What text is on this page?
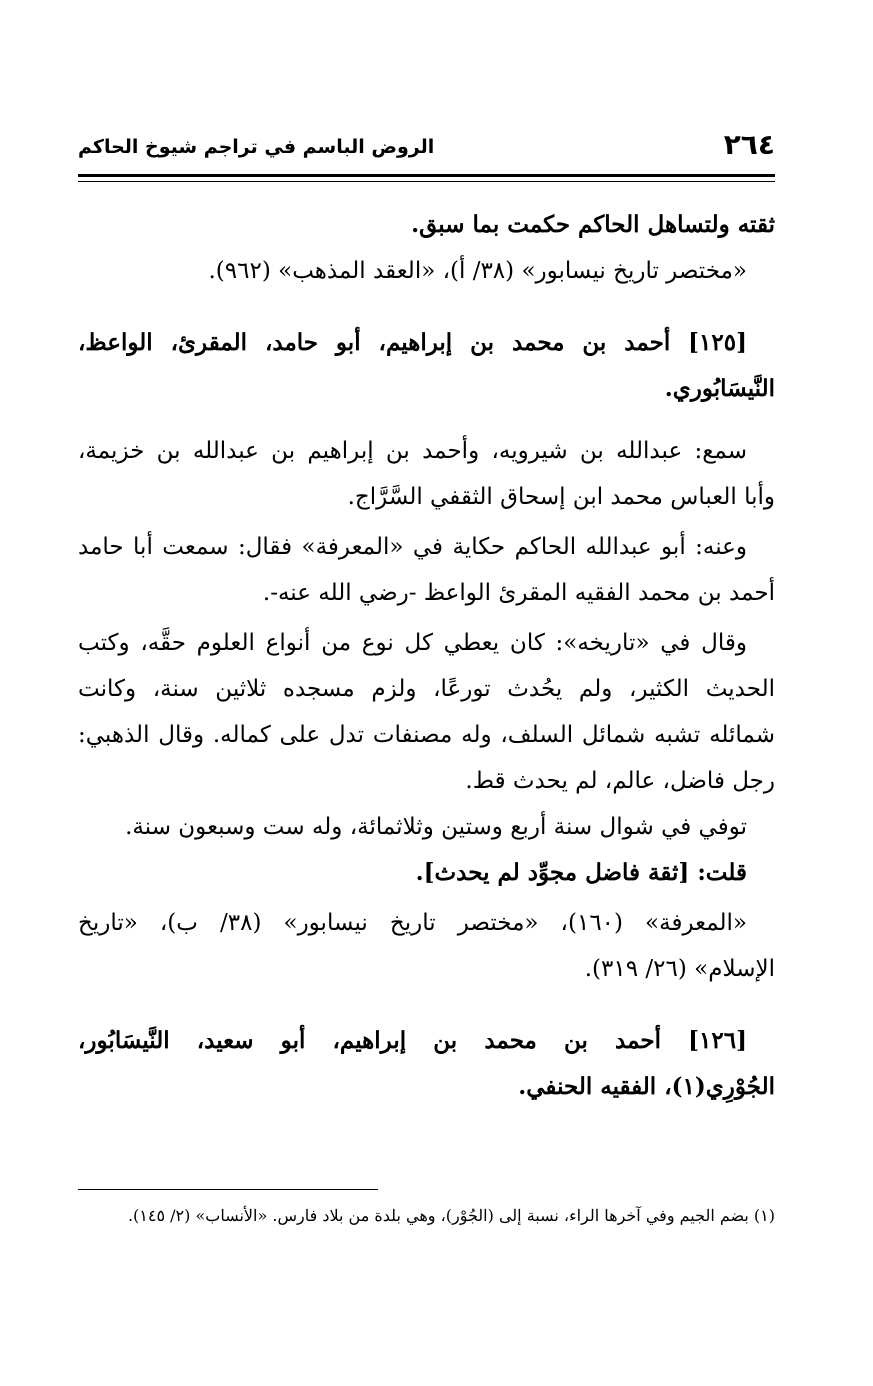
٢٦٤
الروض الباسم في تراجم شيوخ الحاكم

ثقته ولتساهل الحاكم حكمت بما سبق.

«مختصر تاريخ نيسابور» (٣٨/ أ)، «العقد المذهب» (٩٦٢).

[١٢٥] أحمد بن محمد بن إبراهيم، أبو حامد، المقرئ، الواعظ،

النَّيسَابُوري.

سمع: عبدالله بن شيرويه، وأحمد بن إبراهيم بن عبدالله بن خزيمة،

وأبا العباس محمد ابن إسحاق الثقفي السَّرَّاج.

وعنه: أبو عبدالله الحاكم حكاية في «المعرفة» فقال: سمعت أبا حامد

أحمد بن محمد الفقيه المقرئ الواعظ -رضي الله عنه-.

وقال في «تاريخه»: كان يعطي كل نوع من أنواع العلوم حقَّه، وكتب

الحديث الكثير، ولم يحُدث تورعًا، ولزم مسجده ثلاثين سنة، وكانت

شمائله تشبه شمائل السلف، وله مصنفات تدل على كماله. وقال الذهبي:

رجل فاضل، عالم، لم يحدث قط.

توفي في شوال سنة أربع وستين وثلاثمائة، وله ست وسبعون سنة.

قلت: [ثقة فاضل مجوِّد لم يحدث].

«المعرفة» (١٦٠)، «مختصر تاريخ نيسابور» (٣٨/ ب)، «تاريخ

الإسلام» (٢٦/ ٣١٩).

[١٢٦] أحمد بن محمد بن إبراهيم، أبو سعيد، النَّيسَابُور،

الجُوْرِي(١)، الفقيه الحنفي.

(١) بضم الجيم وفي آخرها الراء، نسبة إلى (الجُوْر)، وهي بلدة من بلاد فارس. «الأنساب» (٢/ ١٤٥).
